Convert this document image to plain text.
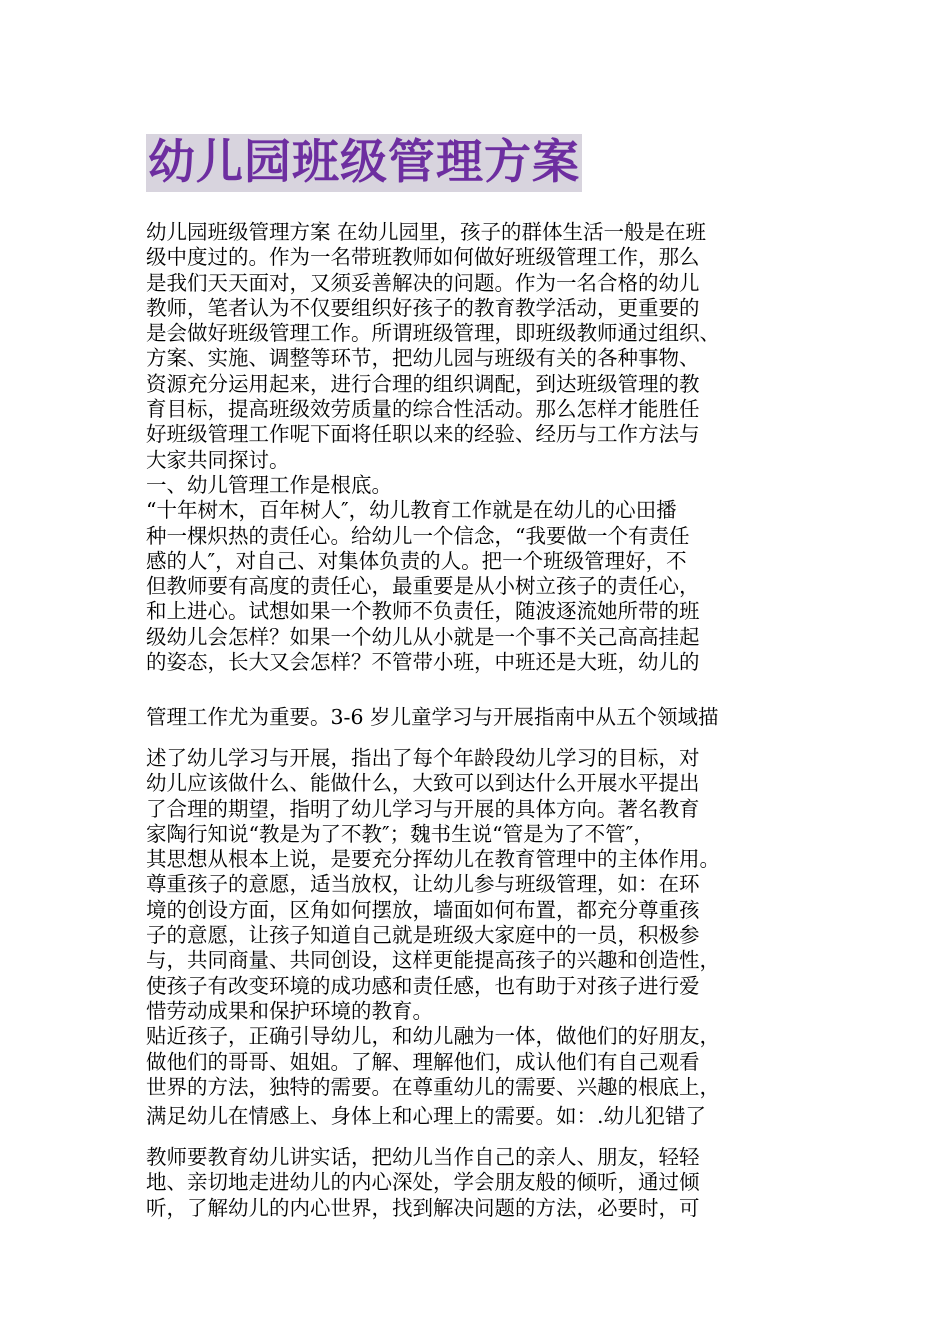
幼儿园班级管理方案
幼儿园班级管理方案 在幼儿园里，孩子的群体生活一般是在班
级中度过的。作为一名带班教师如何做好班级管理工作，那么
是我们天天面对，又须妥善解决的问题。作为一名合格的幼儿
教师，笔者认为不仅要组织好孩子的教育教学活动，更重要的
是会做好班级管理工作。所谓班级管理，即班级教师通过组织、
方案、实施、调整等环节，把幼儿园与班级有关的各种事物、
资源充分运用起来，进行合理的组织调配，到达班级管理的教
育目标，提高班级效劳质量的综合性活动。那么怎样才能胜任
好班级管理工作呢下面将任职以来的经验、经历与工作方法与
大家共同探讨。
一、幼儿管理工作是根底。
“十年树木，百年树人″，幼儿教育工作就是在幼儿的心田播
种一棵炽热的责任心。给幼儿一个信念，“我要做一个有责任
感的人″，对自己、对集体负责的人。把一个班级管理好，不
但教师要有高度的责任心，最重要是从小树立孩子的责任心，
和上进心。试想如果一个教师不负责任，随波逐流她所带的班
级幼儿会怎样？如果一个幼儿从小就是一个事不关己高高挂起
的姿态，长大又会怎样？不管带小班，中班还是大班，幼儿的
管理工作尤为重要。3-6 岁儿童学习与开展指南中从五个领域描
述了幼儿学习与开展，指出了每个年龄段幼儿学习的目标，对
幼儿应该做什么、能做什么，大致可以到达什么开展水平提出
了合理的期望，指明了幼儿学习与开展的具体方向。著名教育
家陶行知说“教是为了不教″；魏书生说“管是为了不管″，
其思想从根本上说，是要充分挥幼儿在教育管理中的主体作用。
尊重孩子的意愿，适当放权，让幼儿参与班级管理，如：在环
境的创设方面，区角如何摆放，墙面如何布置，都充分尊重孩
子的意愿，让孩子知道自己就是班级大家庭中的一员，积极参
与，共同商量、共同创设，这样更能提高孩子的兴趣和创造性，
使孩子有改变环境的成功感和责任感，也有助于对孩子进行爱
惜劳动成果和保护环境的教育。
贴近孩子，正确引导幼儿，和幼儿融为一体，做他们的好朋友，
做他们的哥哥、姐姐。了解、理解他们，成认他们有自己观看
世界的方法，独特的需要。在尊重幼儿的需要、兴趣的根底上，
满足幼儿在情感上、身体上和心理上的需要。如：.幼儿犯错了
教师要教育幼儿讲实话，把幼儿当作自己的亲人、朋友，轻轻
地、亲切地走进幼儿的内心深处，学会朋友般的倾听，通过倾
听，了解幼儿的内心世界，找到解决问题的方法，必要时，可
